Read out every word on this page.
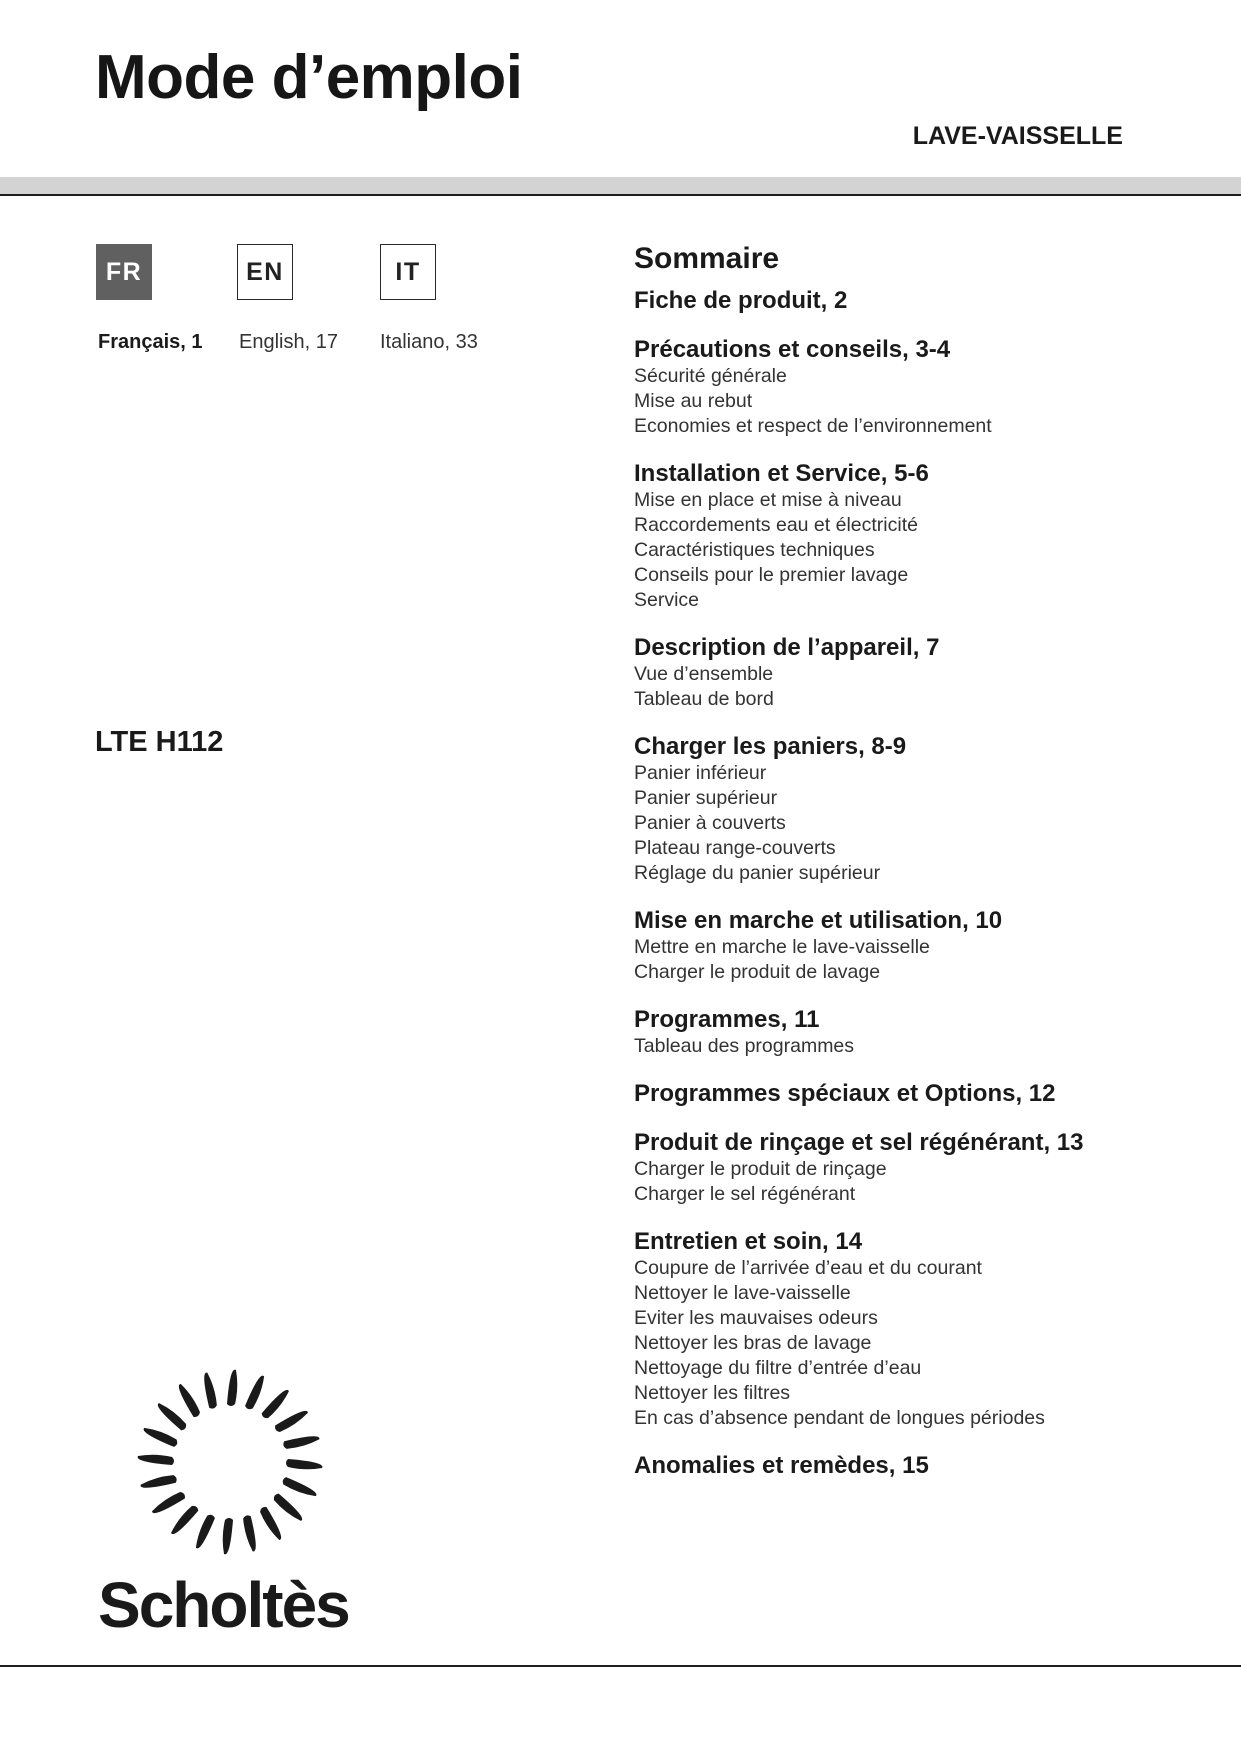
Mode d’emploi
LAVE-VAISSELLE
FR	EN	IT
Français, 1 English, 17 Italiano, 33
LTE H112
Scholtès
Sommaire
Fiche de produit, 2
Précautions et conseils, 3-4
Sécurité générale
Mise au rebut
Economies et respect de l’environnement
Installation et Service, 5-6
Mise en place et mise à niveau
Raccordements eau et électricité
Caractéristiques techniques
Conseils pour le premier lavage
Service
Description de l’appareil, 7
Vue d’ensemble
Tableau de bord
Charger les paniers, 8-9
Panier inférieur
Panier supérieur
Panier à couverts
Plateau range-couverts
Réglage du panier supérieur
Mise en marche et utilisation, 10
Mettre en marche le lave-vaisselle
Charger le produit de lavage
Programmes, 11
Tableau des programmes
Programmes spéciaux et Options, 12
Produit de rinçage et sel régénérant, 13
Charger le produit de rinçage
Charger le sel régénérant
Entretien et soin, 14
Coupure de l’arrivée d’eau et du courant
Nettoyer le lave-vaisselle
Eviter les mauvaises odeurs
Nettoyer les bras de lavage
Nettoyage du filtre d’entrée d’eau
Nettoyer les filtres
En cas d’absence pendant de longues périodes
Anomalies et remèdes, 15
